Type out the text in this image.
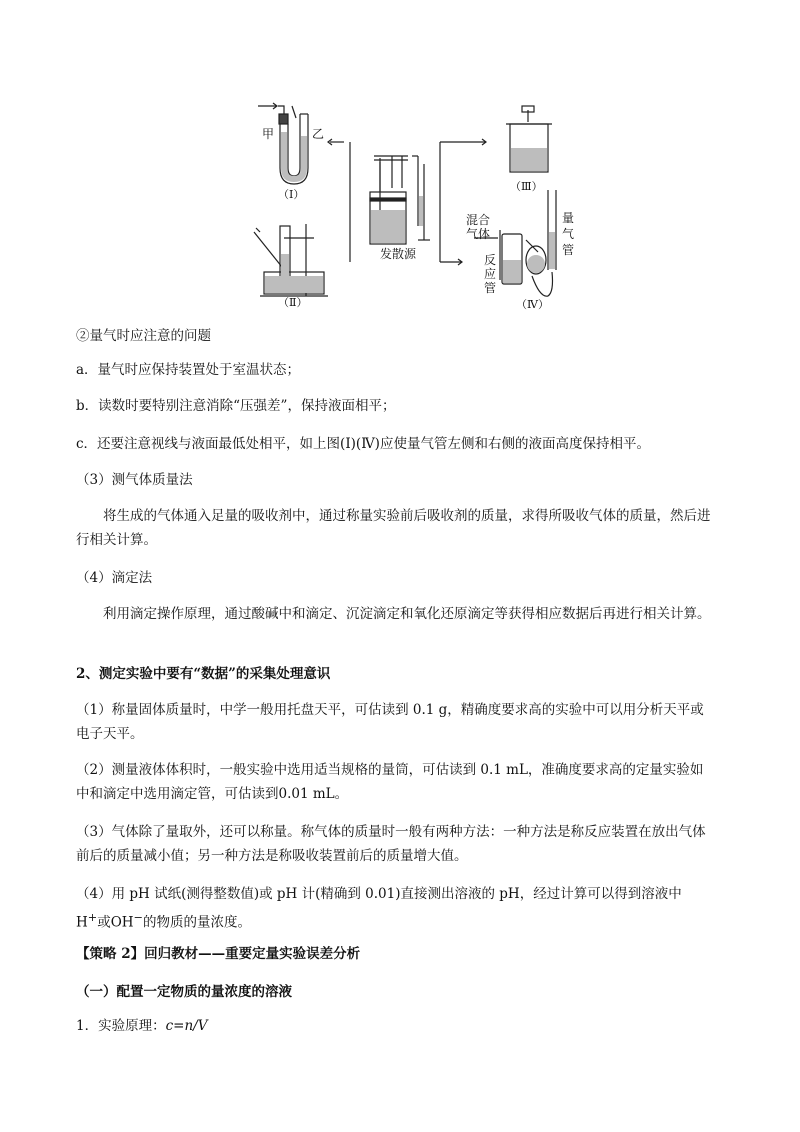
甲	乙
（Ⅰ）
（Ⅱ）
（Ⅲ）
（Ⅳ）
发散源
混合
气体
反
应
管
量
气
管

②量气时应注意的问题

a．量气时应保持装置处于室温状态；

b．读数时要特别注意消除“压强差”，保持液面相平；

c．还要注意视线与液面最低处相平，如上图(Ⅰ)(Ⅳ)应使量气管左侧和右侧的液面高度保持相平。

（3）测气体质量法

将生成的气体通入足量的吸收剂中，通过称量实验前后吸收剂的质量，求得所吸收气体的质量，然后进行相关计算。

（4）滴定法

利用滴定操作原理，通过酸碱中和滴定、沉淀滴定和氧化还原滴定等获得相应数据后再进行相关计算。

2、测定实验中要有“数据”的采集处理意识

（1）称量固体质量时，中学一般用托盘天平，可估读到 0.1 g，精确度要求高的实验中可以用分析天平或电子天平。

（2）测量液体体积时，一般实验中选用适当规格的量筒，可估读到 0.1 mL，准确度要求高的定量实验如中和滴定中选用滴定管，可估读到0.01 mL。

（3）气体除了量取外，还可以称量。称气体的质量时一般有两种方法：一种方法是称反应装置在放出气体前后的质量减小值；另一种方法是称吸收装置前后的质量增大值。

（4）用 pH 试纸(测得整数值)或 pH 计(精确到 0.01)直接测出溶液的 pH，经过计算可以得到溶液中 H+或OH−的物质的量浓度。

【策略 2】回归教材——重要定量实验误差分析

（一）配置一定物质的量浓度的溶液

1．实验原理：c=n/V
